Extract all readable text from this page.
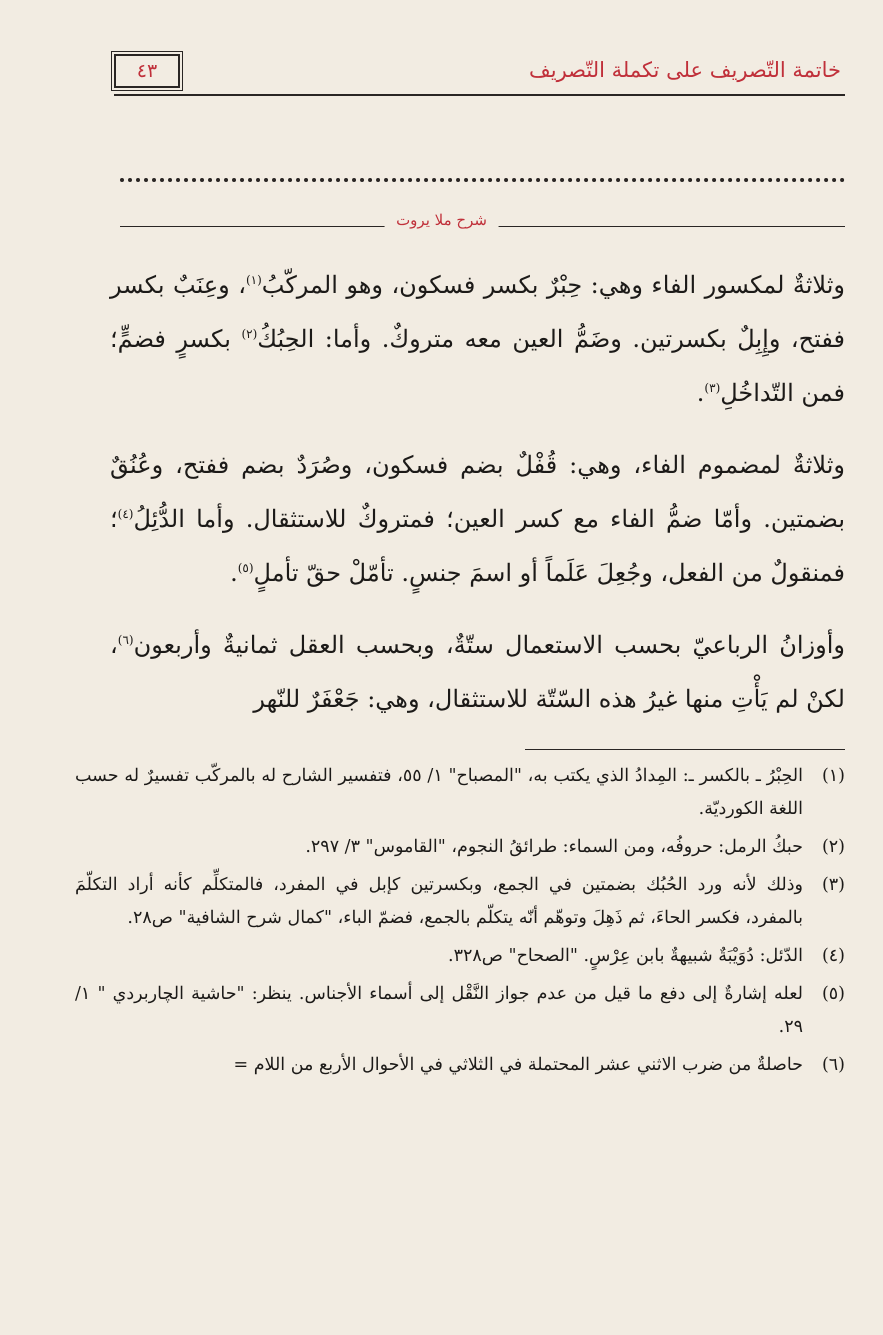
٤٣	خاتمة التّصريف على تكملة التّصريف
شرح ملا يروت

وثلاثةٌ لمكسور الفاء وهي: حِبْرٌ بكسر فسكون، وهو المركّبُ$^{(١)}$، وعِنَبٌ بكسر ففتح، وإِبِلٌ بكسرتين. وضَمُّ العين معه متروكٌ. وأما: الحِبُكُ$^{(٢)}$ بكسرٍ فضمٍّ؛ فمن التّداخُلِ$^{(٣)}$.

وثلاثةٌ لمضموم الفاء، وهي: قُفْلٌ بضم فسكون، وصُرَدٌ بضم ففتح، وعُنُقٌ بضمتين. وأمّا ضمُّ الفاء مع كسر العين؛ فمتروكٌ للاستثقال. وأما الدُّئِلُ$^{(٤)}$؛ فمنقولٌ من الفعل، وجُعِلَ عَلَماً أو اسمَ جنسٍ. تأمّلْ حقّ تأملٍ$^{(٥)}$.

وأوزانُ الرباعيّ بحسب الاستعمال ستّةٌ، وبحسب العقل ثمانيةٌ وأربعون$^{(٦)}$، لكنْ لم يَأْتِ منها غيرُ هذه السّتّة للاستثقال، وهي: جَعْفَرٌ للنّهر

(١)
الحِبْرُ ـ بالكسر ـ: المِدادُ الذي يكتب به، "المصباح" ١/ ٥٥، فتفسير الشارح له بالمركّب تفسيرٌ له حسب اللغة الكورديّة.
(٢)
حبكُ الرمل: حروفُه، ومن السماء: طرائقُ النجوم، "القاموس" ٣/ ٢٩٧.
(٣)
وذلك لأنه ورد الحُبُك بضمتين في الجمع، وبكسرتين كإبل في المفرد، فالمتكلِّم كأنه أراد التكلّمَ بالمفرد، فكسر الحاءَ، ثم ذَهِلَ وتوهّم أنّه يتكلّم بالجمع، فضمّ الباء، "كمال شرح الشافية" ص٢٨.
(٤)
الدّئل: دُوَيْبَةٌ شبيهةٌ بابن عِرْسٍ. "الصحاح" ص٣٢٨.
(٥)
لعله إشارةٌ إلى دفع ما قيل من عدم جواز النَّقْل إلى أسماء الأجناس. ينظر: "حاشية الچاربردي " ١/ ٢٩.
(٦)
حاصلةٌ من ضرب الاثني عشر المحتملة في الثلاثي في الأحوال الأربع من اللام =
